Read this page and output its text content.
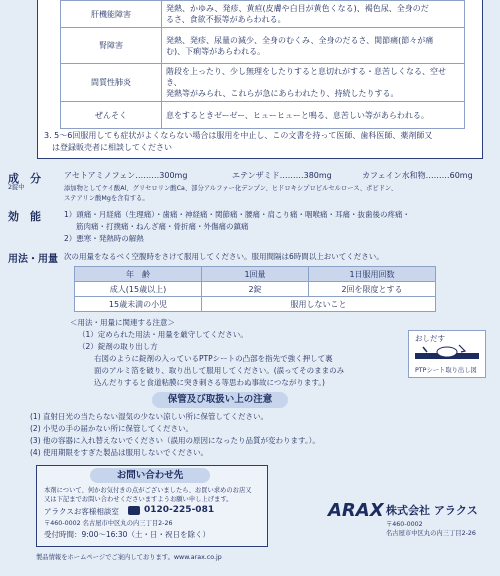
肝機能障害	発熱、かゆみ、発疹、黄疸(皮膚や白目が黄色くなる)、褐色尿、全身のだ
るさ、食欲不振等があらわれる。
腎障害	発熱、発疹、尿量の減少、全身のむくみ、全身のだるさ、関節痛(節々が痛
む)、下痢等があらわれる。
間質性肺炎	階段を上ったり、少し無理をしたりすると息切れがする・息苦しくなる、空せき、
発熱等がみられ、これらが急にあらわれたり、持続したりする。
ぜんそく	息をするときゼーゼー、ヒューヒューと鳴る、息苦しい等があらわれる。
3. 5〜6回服用しても症状がよくならない場合は服用を中止し、この文書を持って医師、歯科医師、薬剤師又
　は登録販売者に相談してください
成　分
2錠中
アセトアミノフェン………300mg	エテンザミド………380mg	カフェイン水和物………60mg
添加物としてケイ酸Al、グリセロリン酸Ca、部分アルファー化デンプン、ヒドロキシプロピルセルロース、ポビドン、
ステアリン酸Mgを含有する。
効　能	1）頭痛・月経痛（生理痛）・歯痛・神経痛・関節痛・腰痛・肩こり痛・咽喉痛・耳痛・抜歯後の疼痛・
筋肉痛・打撲痛・ねんざ痛・骨折痛・外傷痛の鎮痛
2）悪寒・発熱時の解熱
用法・用量 次の用量をなるべく空腹時をさけて服用してください。服用間隔は6時間以上おいてください。
年　齢	1回量	1日服用回数
成人(15歳以上)	2錠	2回を限度とする
15歳未満の小児	服用しないこと	
＜用法・用量に関連する注意＞
（1）定められた用法・用量を厳守してください。
（2）錠剤の取り出し方
右図のように錠剤の入っているPTPシートの凸部を指先で強く押して裏
面のアルミ箔を破り、取り出して服用してください。(誤ってそのままのみ
込んだりすると食道粘膜に突き刺さる等思わぬ事故につながります。)
おしだす
PTPシート取り出し図
保管及び取扱い上の注意
(1) 直射日光の当たらない湿気の少ない涼しい所に保管してください。
(2) 小児の手の届かない所に保管してください。
(3) 他の容器に入れ替えないでください（誤用の原因になったり品質が変わります。）。
(4) 使用期限をすぎた製品は服用しないでください。
お問い合わせ先
本剤について、何かお気付きの点がございましたら、お買い求めのお店又
又は下記までお問い合わせくださいますようお願い申し上げます。
アラクスお客様相談室	0120-225-081
〒460-0002 名古屋市中区丸の内三丁目2-26
受付時間：9:00〜16:30（土・日・祝日を除く）
製品情報をホームページでご案内しております。www.arax.co.jp
ARAX 株式会社 アラクス
〒460-0002
名古屋市中区丸の内三丁目2-26
